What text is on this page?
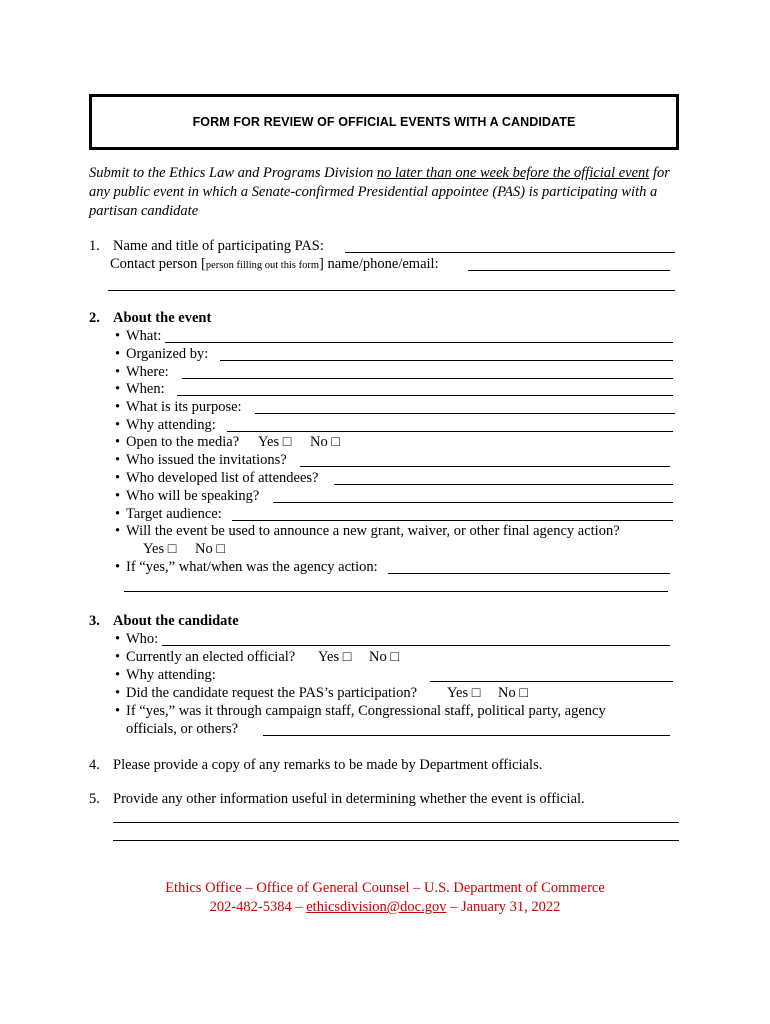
FORM FOR REVIEW OF OFFICIAL EVENTS WITH A CANDIDATE
Submit to the Ethics Law and Programs Division no later than one week before the official event for any public event in which a Senate-confirmed Presidential appointee (PAS) is participating with a partisan candidate
1. Name and title of participating PAS:
Contact person [person filling out this form] name/phone/email:
2. About the event
• What:
• Organized by:
• Where:
• When:
• What is its purpose:
• Why attending:
• Open to the media? Yes □ No □
• Who issued the invitations?
• Who developed list of attendees?
• Who will be speaking?
• Target audience:
• Will the event be used to announce a new grant, waiver, or other final agency action?
Yes □ No □
• If “yes,” what/when was the agency action:
3. About the candidate
• Who:
• Currently an elected official? Yes □ No □
• Why attending:
• Did the candidate request the PAS’s participation? Yes □ No □
• If “yes,” was it through campaign staff, Congressional staff, political party, agency
officials, or others?
4. Please provide a copy of any remarks to be made by Department officials.
5. Provide any other information useful in determining whether the event is official.
Ethics Office – Office of General Counsel – U.S. Department of Commerce
202-482-5384 – ethicsdivision@doc.gov – January 31, 2022
